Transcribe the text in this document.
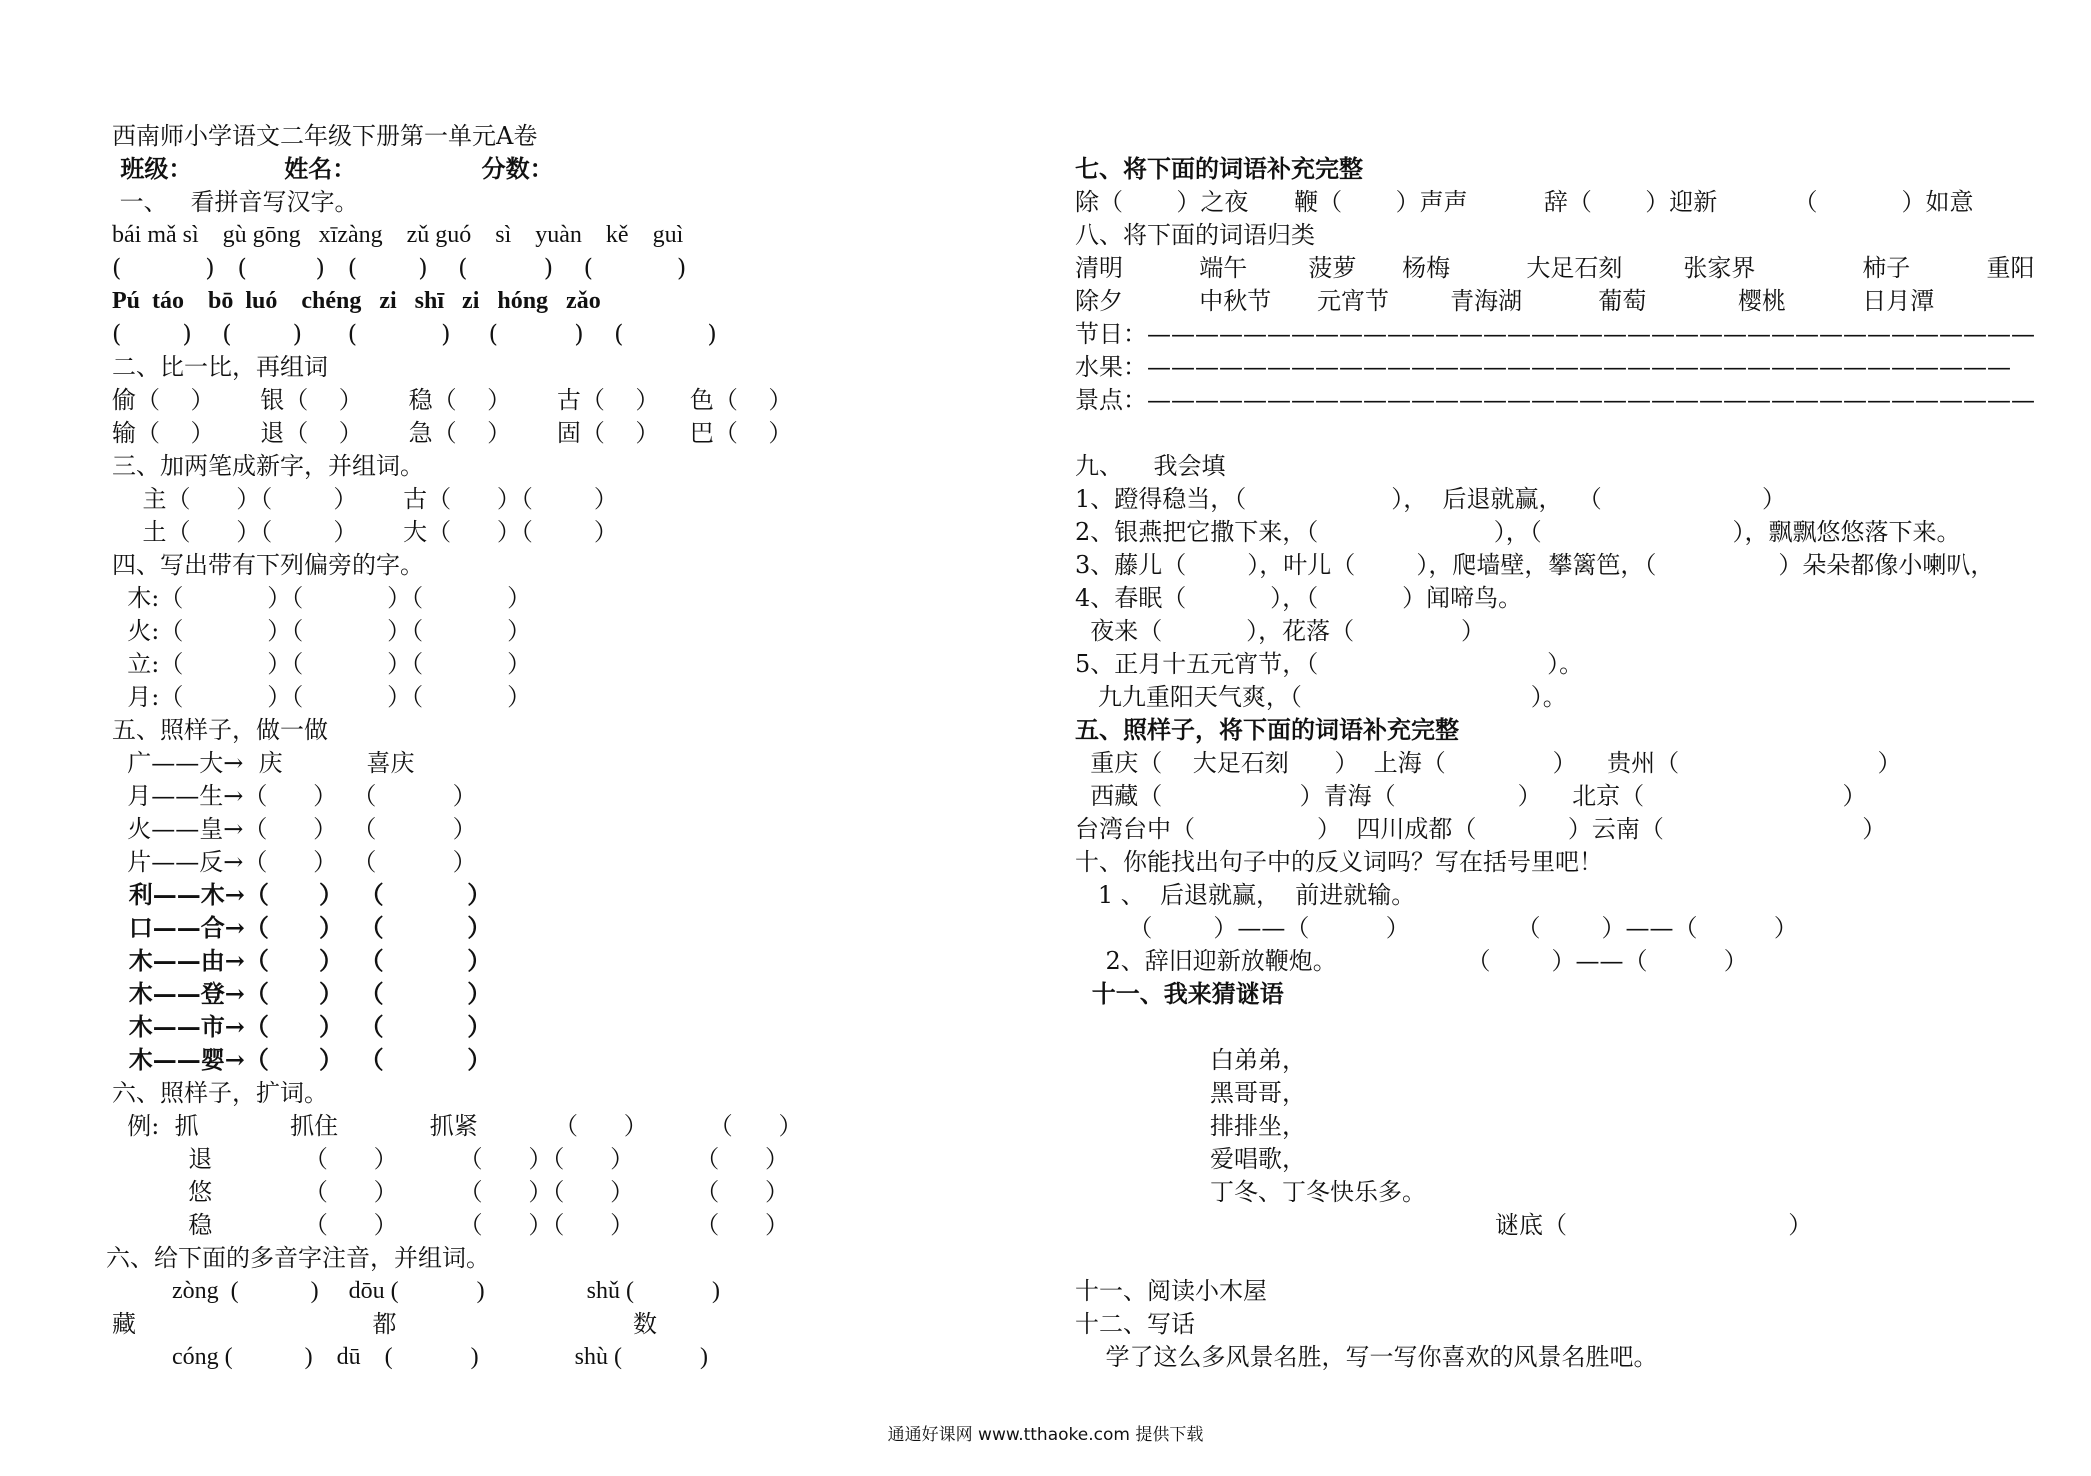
西南师小学语文二年级下册第一单元A卷
班级：           姓名：               分数：
一、   看拼音写汉字。
bái mǎ sì    gù gōng   xīzàng    zǔ guó    sì    yuàn    kě    guì
(           )   (         )   (        )    (          )    (           )
Pú  táo    bō  luó    chéng   zi   shī   zi   hóng   zǎo
(        )    (        )      (           )     (          )    (           )
二、比一比，再组词
偷（    ）      银（    ）      稳（    ）      古（    ）    色（    ）
输（    ）      退（    ）      急（    ）      固（    ）    巴（    ）
三、加两笔成新字，并组词。
主（      ）（        ）      古（      ）（        ）
土（      ）（        ）      大（      ）（        ）
四、写出带有下列偏旁的字。
木:（           ）（           ）（           ）
火:（           ）（           ）（           ）
立:（           ）（           ）（           ）
月:（           ）（           ）（           ）
五、照样子，做一做
广——大→  庆           喜庆
月——生→（      ）  （          ）
火——皇→（      ）  （          ）
片——反→（      ）  （          ）
利——木→（      ）  （          ）
口——合→（      ）  （          ）
木——由→（      ）  （          ）
木——登→（      ）  （          ）
木——市→（      ）  （          ）
木——婴→（      ）  （          ）
六、照样子，扩词。
例:  抓            抓住            抓紧          （      ）        （      ）
退            （      ）        （      ）（      ）        （      ）
悠            （      ）        （      ）（      ）        （      ）
稳            （      ）        （      ）（      ）        （      ）
六、给下面的多音字注音，并组词。
zòng  (            )     dōu (             )                 shǔ (             )
藏                               都                               数
cóng (            )    dū    (             )                shù (             )
七、将下面的词语补充完整
除（       ）之夜      鞭（       ）声声          辞（       ）迎新          （           ）如意
八、将下面的词语归类
清明          端午        菠萝      杨梅          大足石刻        张家界              柿子          重阳
除夕          中秋节      元宵节        青海湖          葡萄            樱桃          日月潭
节日：—————————————————————————————————————
水果：————————————————————————————————————
景点：—————————————————————————————————————
九、    我会填
1、蹬得稳当，（                   ），  后退就赢，  （                     ）
2、银燕把它撒下来，（                       ），（                         ），飘飘悠悠落下来。
3、藤儿（        ），叶儿（        ），爬墙壁，攀篱笆，（                ）朵朵都像小喇叭，
4、春眠（           ），（           ）闻啼鸟。
夜来（           ），花落（              ）
5、正月十五元宵节，（                              ）。
九九重阳天气爽，（                              ）。
五、照样子，将下面的词语补充完整
重庆（    大足石刻      ）  上海（              ）    贵州（                          ）
西藏（                  ）青海（                ）    北京（                          ）
台湾台中（                ）  四川成都（            ）云南（                          ）
十、你能找出句子中的反义词吗？写在括号里吧！
1 、  后退就赢，  前进就输。
（        ）——（          ）              （        ）——（          ）
2、辞旧迎新放鞭炮。                 （        ）——（          ）
十一、我来猜谜语
白弟弟，
黑哥哥，
排排坐，
爱唱歌，
丁冬、丁冬快乐多。
谜底（                             ）
十一、阅读小木屋
十二、写话
学了这么多风景名胜，写一写你喜欢的风景名胜吧。
通通好课网 www.tthaoke.com 提供下载
